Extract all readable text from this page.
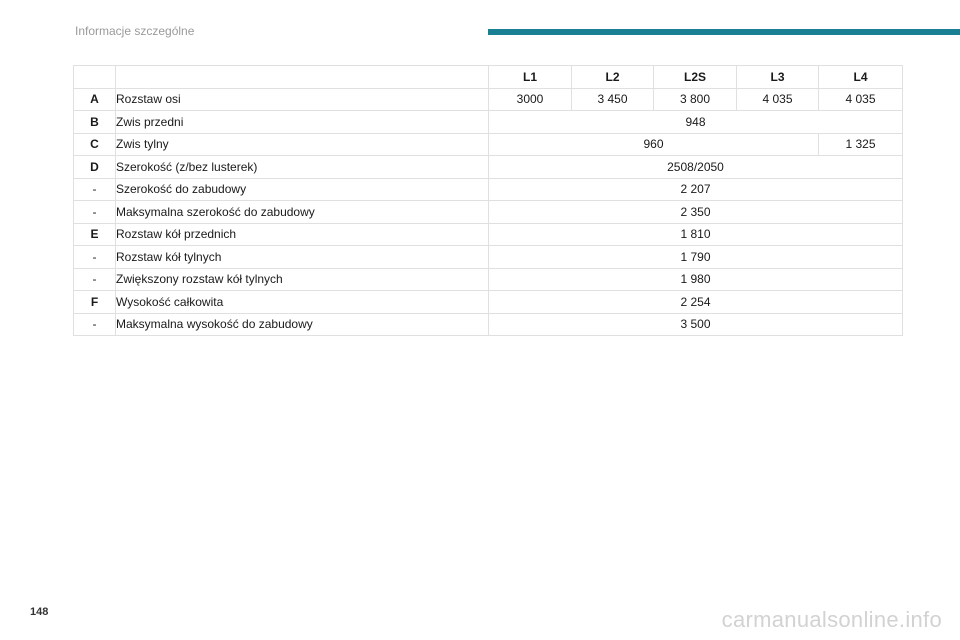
Informacje szczególne
		L1	L2	L2S	L3	L4
A	Rozstaw osi	3000	3 450	3 800	4 035	4 035
B	Zwis przedni	948				
C	Zwis tylny	960				1 325
D	Szerokość (z/bez lusterek)	2508/2050				
-	Szerokość do zabudowy	2 207				
-	Maksymalna szerokość do zabudowy	2 350				
E	Rozstaw kół przednich	1 810				
-	Rozstaw kół tylnych	1 790				
-	Zwiększony rozstaw kół tylnych	1 980				
F	Wysokość całkowita	2 254				
-	Maksymalna wysokość do zabudowy	3 500				
148	carmanualsonline.info
